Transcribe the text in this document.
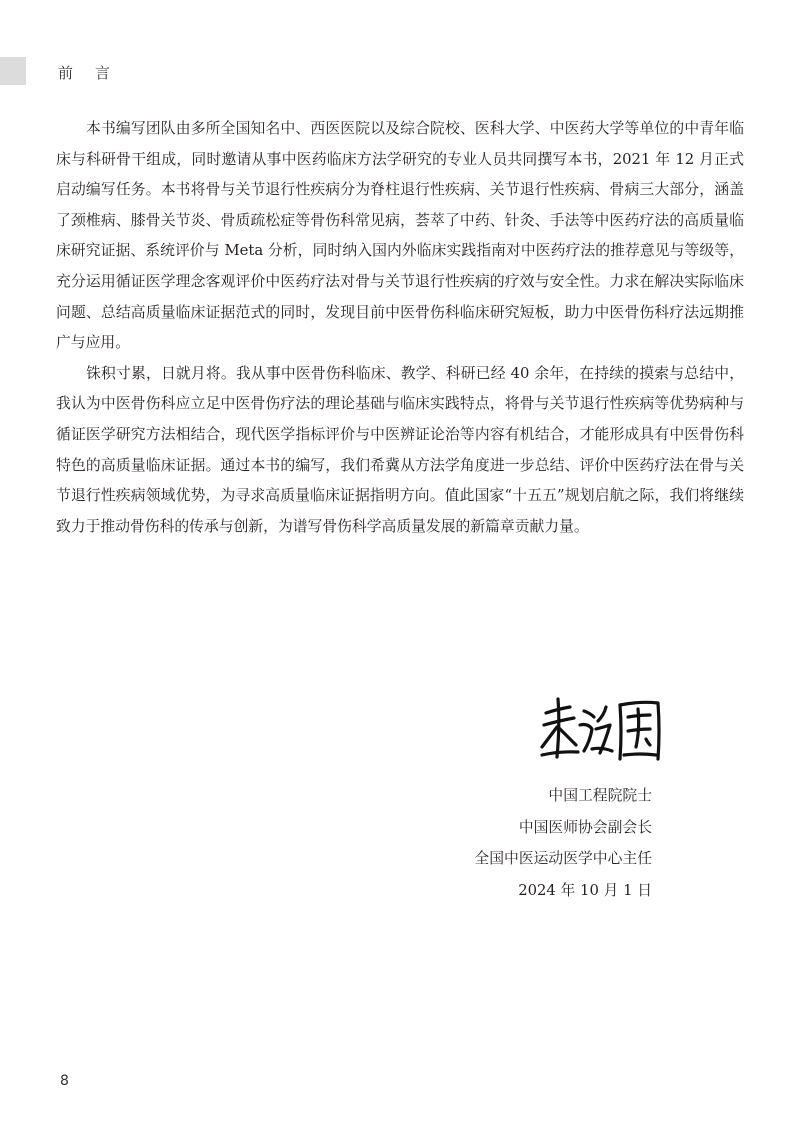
前言

本书编写团队由多所全国知名中、西医医院以及综合院校、医科大学、中医药大学等单位的中青年临床与科研骨干组成，同时邀请从事中医药临床方法学研究的专业人员共同撰写本书，2021 年 12 月正式启动编写任务。本书将骨与关节退行性疾病分为脊柱退行性疾病、关节退行性疾病、骨病三大部分，涵盖了颈椎病、膝骨关节炎、骨质疏松症等骨伤科常见病，荟萃了中药、针灸、手法等中医药疗法的高质量临床研究证据、系统评价与 Meta 分析，同时纳入国内外临床实践指南对中医药疗法的推荐意见与等级等，充分运用循证医学理念客观评价中医药疗法对骨与关节退行性疾病的疗效与安全性。力求在解决实际临床问题、总结高质量临床证据范式的同时，发现目前中医骨伤科临床研究短板，助力中医骨伤科疗法远期推广与应用。

铢积寸累，日就月将。我从事中医骨伤科临床、教学、科研已经 40 余年，在持续的摸索与总结中，我认为中医骨伤科应立足中医骨伤疗法的理论基础与临床实践特点，将骨与关节退行性疾病等优势病种与循证医学研究方法相结合，现代医学指标评价与中医辨证论治等内容有机结合，才能形成具有中医骨伤科特色的高质量临床证据。通过本书的编写，我们希冀从方法学角度进一步总结、评价中医药疗法在骨与关节退行性疾病领域优势，为寻求高质量临床证据指明方向。值此国家“十五五”规划启航之际，我们将继续致力于推动骨伤科的传承与创新，为谱写骨伤科学高质量发展的新篇章贡献力量。

中国工程院院士
中国医师协会副会长
全国中医运动医学中心主任
2024 年 10 月 1 日
8
